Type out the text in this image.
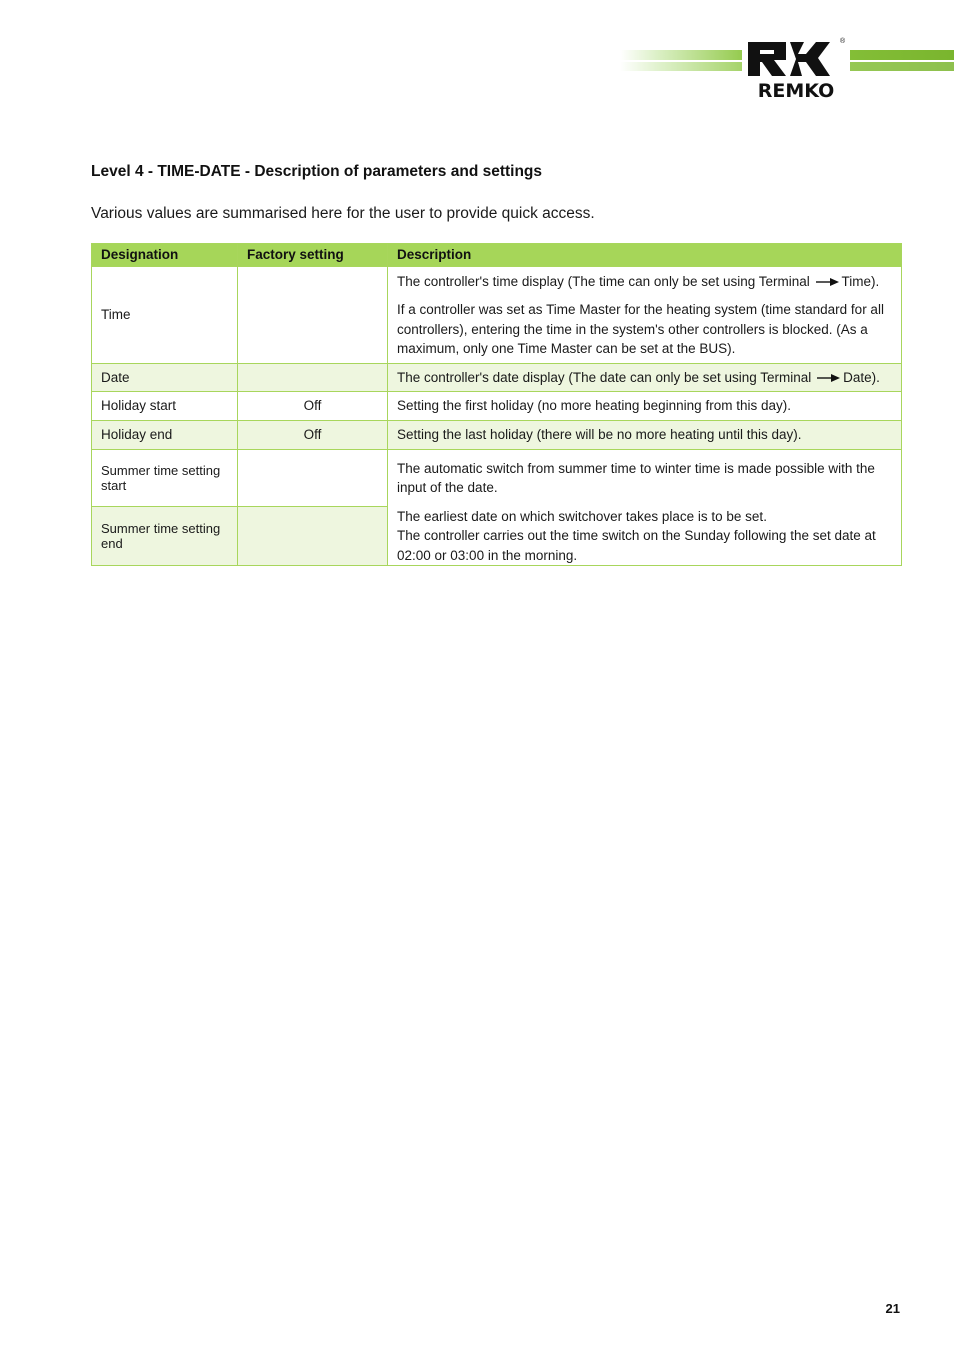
®
REMKO
Level 4 - TIME-DATE - Description of parameters and settings
Various values are summarised here for the user to provide quick access.
Designation	Factory setting	Description
Time		The controller's time display (The time can only be set using Terminal Time).

If a controller was set as Time Master for the heating system (time standard for all controllers), entering the time in the system's other controllers is blocked. (As a maximum, only one Time Master can be set at the BUS).

Date		The controller's date display (The date can only be set using Terminal Date).

Holiday start	Off	Setting the first holiday (no more heating beginning from this day).

Holiday end	Off	Setting the last holiday (there will be no more heating until this day).

Summer time setting start		The automatic switch from summer time to winter time is made possible with the input of the date.

Summer time setting end		The earliest date on which switchover takes place is to be set.

The controller carries out the time switch on the Sunday following the set date at 02:00 or 03:00 in the morning.

21
